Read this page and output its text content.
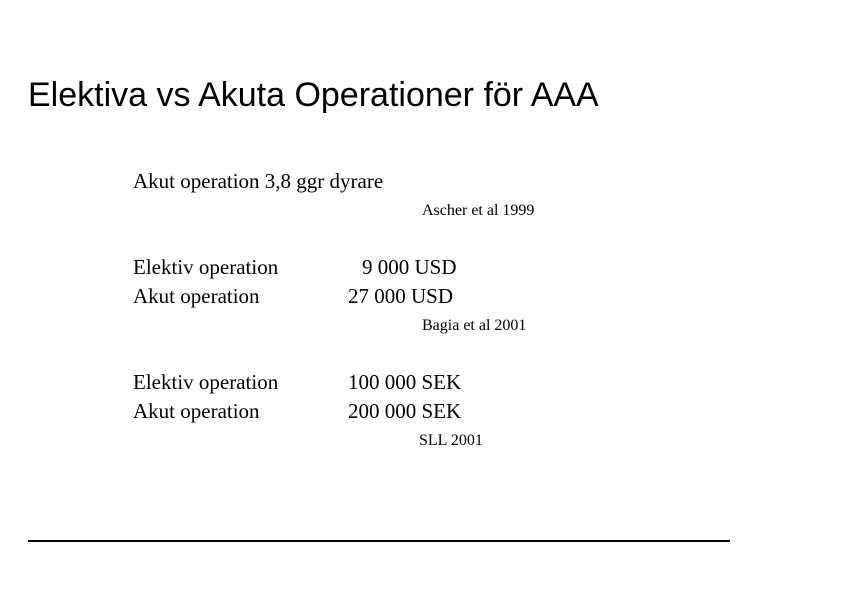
Elektiva vs Akuta Operationer för AAA
Akut operation 3,8 ggr dyrare
Ascher et al 1999
Elektiv operation
Akut operation
9 000 USD
27 000 USD
Bagia et al 2001
Elektiv operation
Akut operation
100 000 SEK
200 000 SEK
SLL 2001
